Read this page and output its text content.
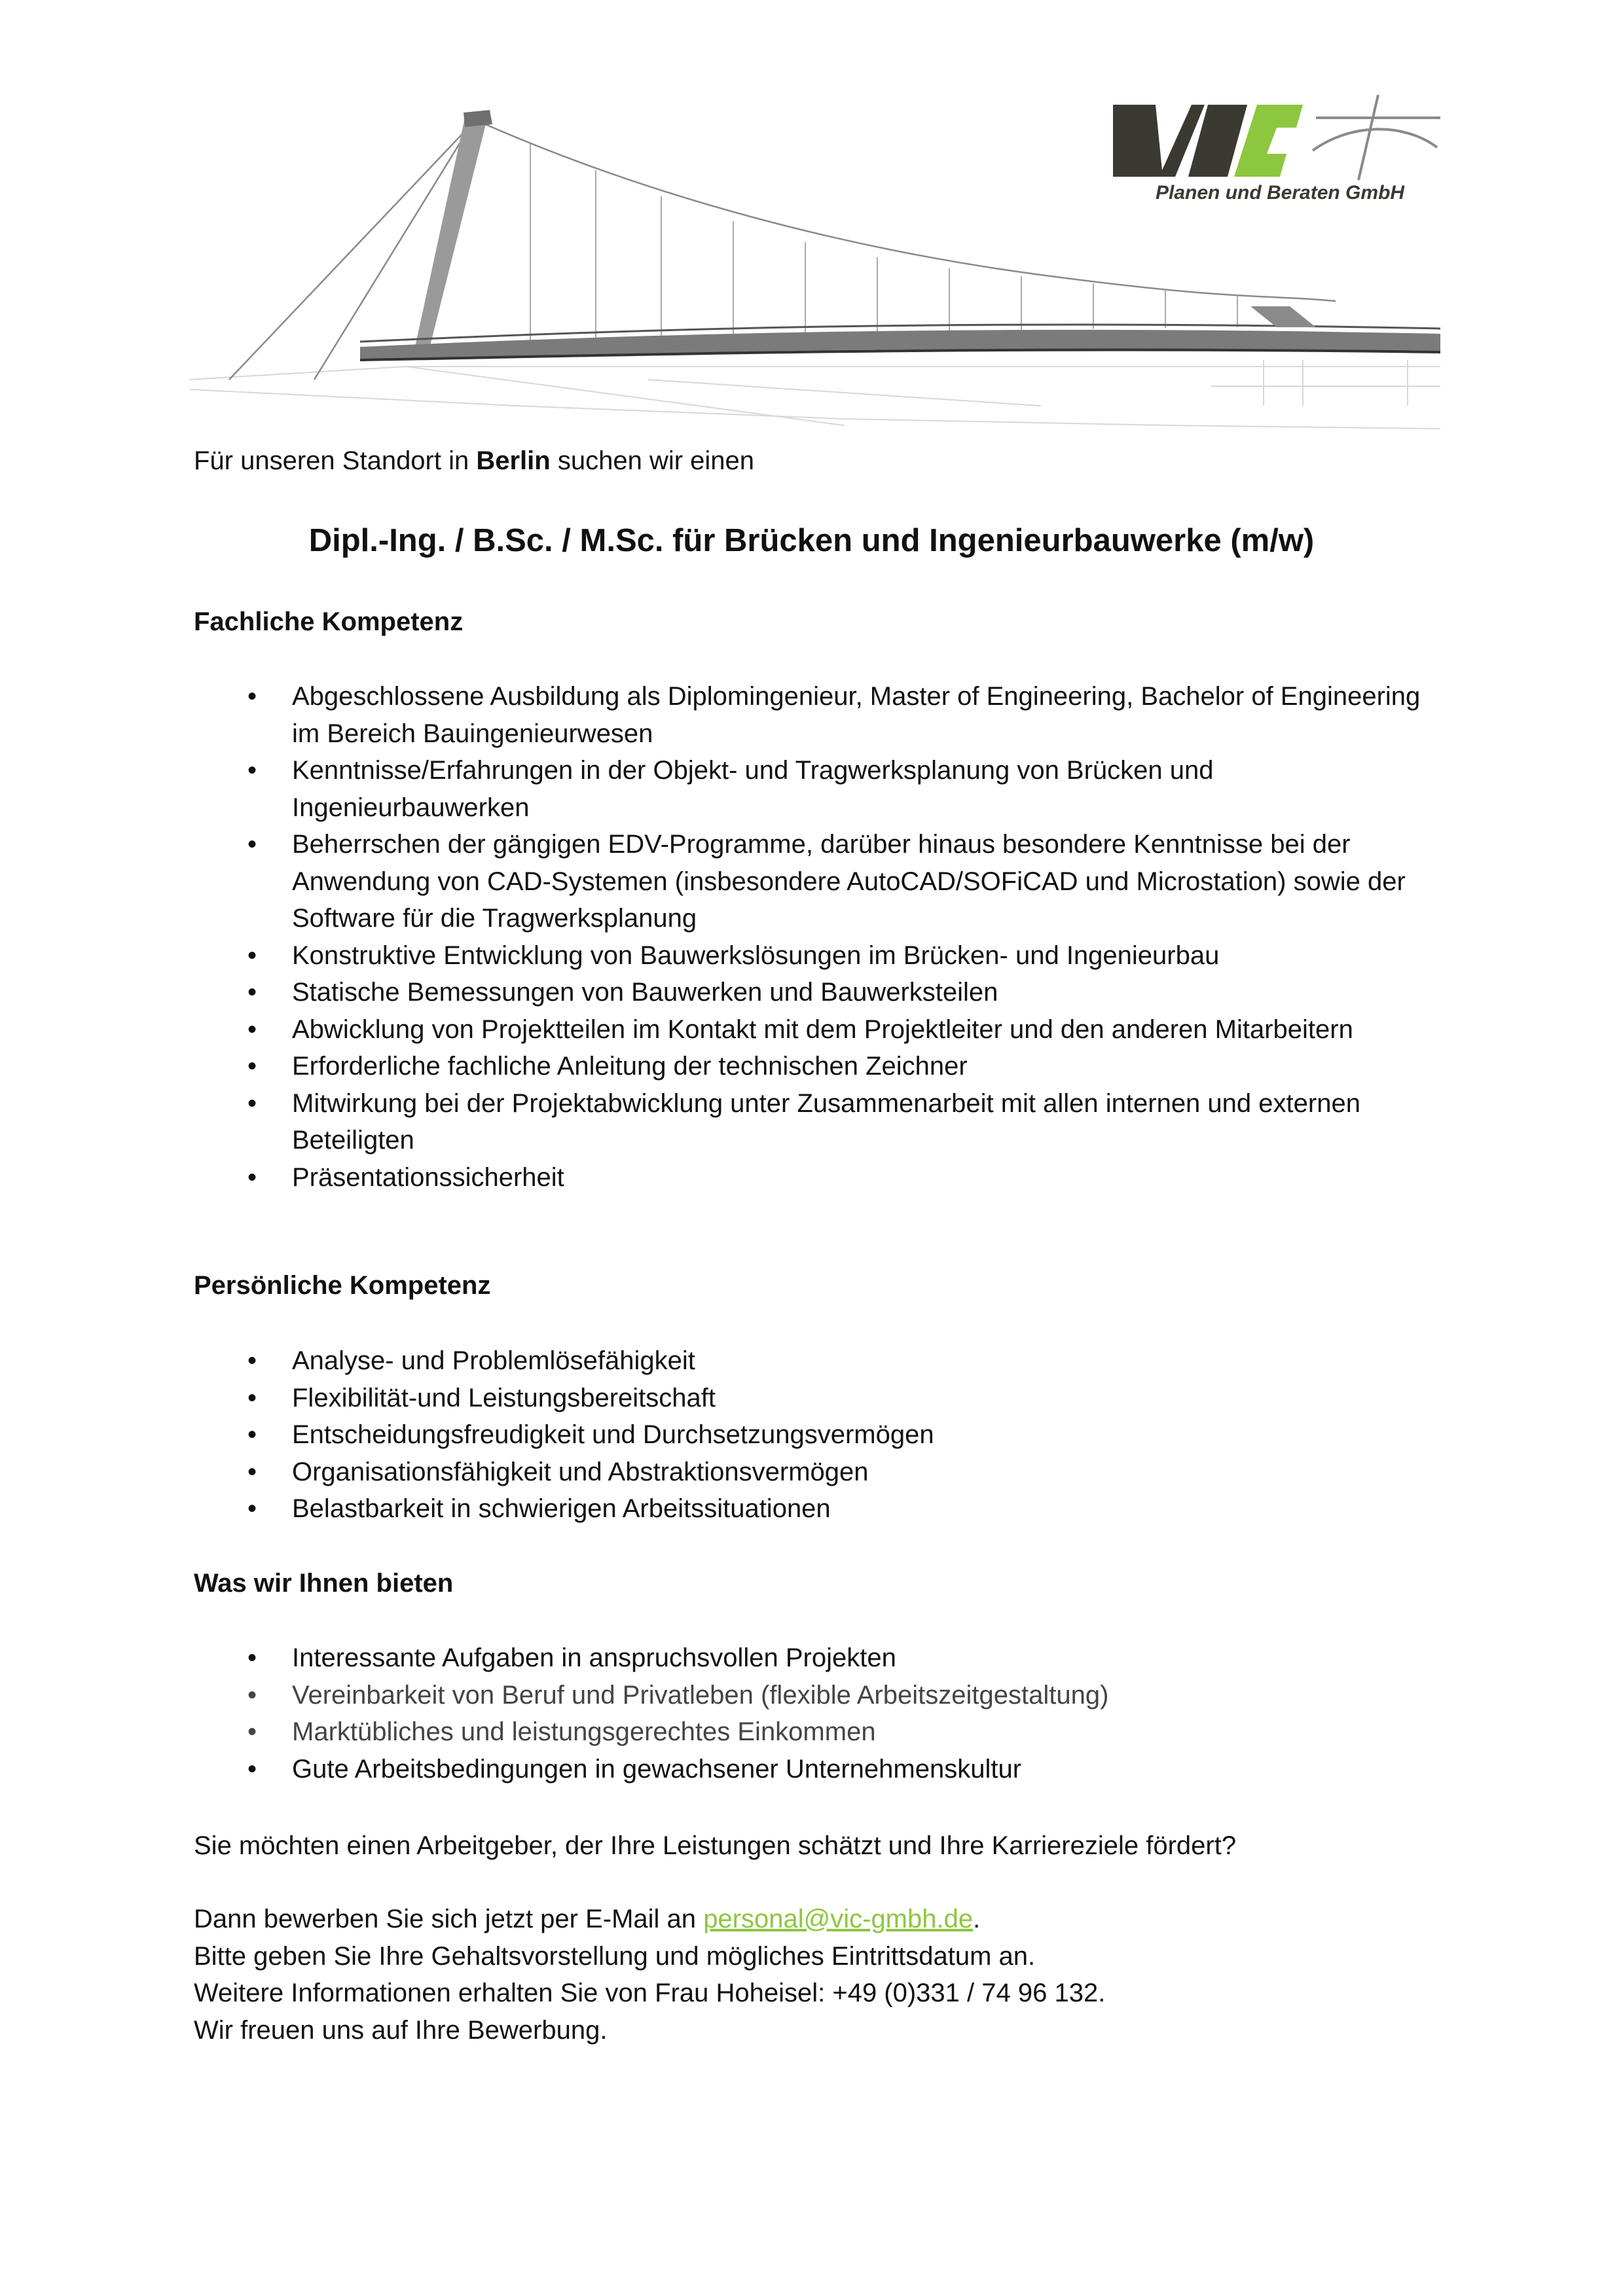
Planen und Beraten GmbH
Für unseren Standort in Berlin suchen wir einen
Dipl.-Ing. / B.Sc. / M.Sc. für Brücken und Ingenieurbauwerke (m/w)
Fachliche Kompetenz
• Abgeschlossene Ausbildung als Diplomingenieur, Master of Engineering, Bachelor of Engineering im Bereich Bauingenieurwesen
• Kenntnisse/Erfahrungen in der Objekt- und Tragwerksplanung von Brücken und Ingenieurbauwerken
• Beherrschen der gängigen EDV-Programme, darüber hinaus besondere Kenntnisse bei der Anwendung von CAD-Systemen (insbesondere AutoCAD/SOFiCAD und Microstation) sowie der Software für die Tragwerksplanung
• Konstruktive Entwicklung von Bauwerkslösungen im Brücken- und Ingenieurbau
• Statische Bemessungen von Bauwerken und Bauwerksteilen
• Abwicklung von Projektteilen im Kontakt mit dem Projektleiter und den anderen Mitarbeitern
• Erforderliche fachliche Anleitung der technischen Zeichner
• Mitwirkung bei der Projektabwicklung unter Zusammenarbeit mit allen internen und externen Beteiligten
• Präsentationssicherheit
Persönliche Kompetenz
• Analyse- und Problemlösefähigkeit
• Flexibilität-und Leistungsbereitschaft
• Entscheidungsfreudigkeit und Durchsetzungsvermögen
• Organisationsfähigkeit und Abstraktionsvermögen
• Belastbarkeit in schwierigen Arbeitssituationen
Was wir Ihnen bieten
• Interessante Aufgaben in anspruchsvollen Projekten
• Vereinbarkeit von Beruf und Privatleben (flexible Arbeitszeitgestaltung)
• Marktübliches und leistungsgerechtes Einkommen
• Gute Arbeitsbedingungen in gewachsener Unternehmenskultur
Sie möchten einen Arbeitgeber, der Ihre Leistungen schätzt und Ihre Karriereziele fördert?
Dann bewerben Sie sich jetzt per E-Mail an personal@vic-gmbh.de.
Bitte geben Sie Ihre Gehaltsvorstellung und mögliches Eintrittsdatum an.
Weitere Informationen erhalten Sie von Frau Hoheisel: +49 (0)331 / 74 96 132.
Wir freuen uns auf Ihre Bewerbung.
